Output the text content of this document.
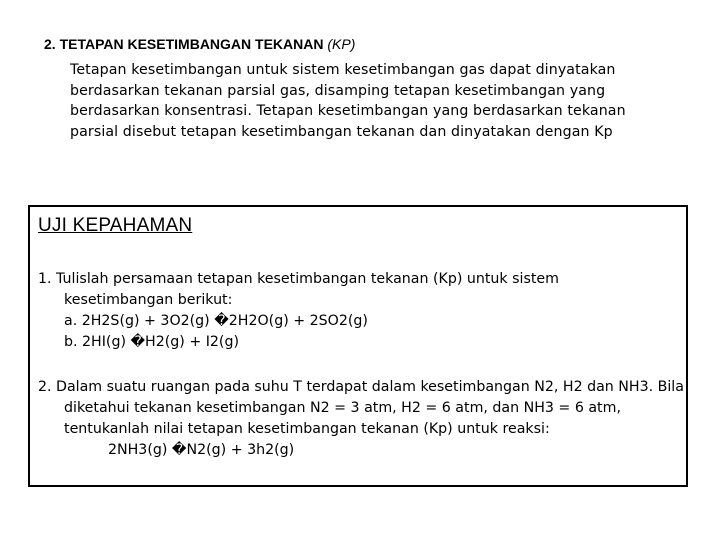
2. TETAPAN KESETIMBANGAN TEKANAN (KP)

Tetapan kesetimbangan untuk sistem kesetimbangan gas dapat dinyatakan

berdasarkan tekanan parsial gas, disamping tetapan kesetimbangan yang

berdasarkan konsentrasi. Tetapan kesetimbangan yang berdasarkan tekanan

parsial disebut tetapan kesetimbangan tekanan dan dinyatakan dengan Kp

UJI KEPAHAMAN
1. Tulislah persamaan tetapan kesetimbangan tekanan (Kp) untuk sistem
kesetimbangan berikut:
a. 2H2S(g) + 3O2(g) �2H2O(g) + 2SO2(g)
b. 2HI(g) �H2(g) + I2(g)
2. Dalam suatu ruangan pada suhu T terdapat dalam kesetimbangan N2, H2 dan NH3. Bila
diketahui tekanan kesetimbangan N2 = 3 atm, H2 = 6 atm, dan NH3 = 6 atm,
tentukanlah nilai tetapan kesetimbangan tekanan (Kp) untuk reaksi:
2NH3(g) �N2(g) + 3h2(g)
